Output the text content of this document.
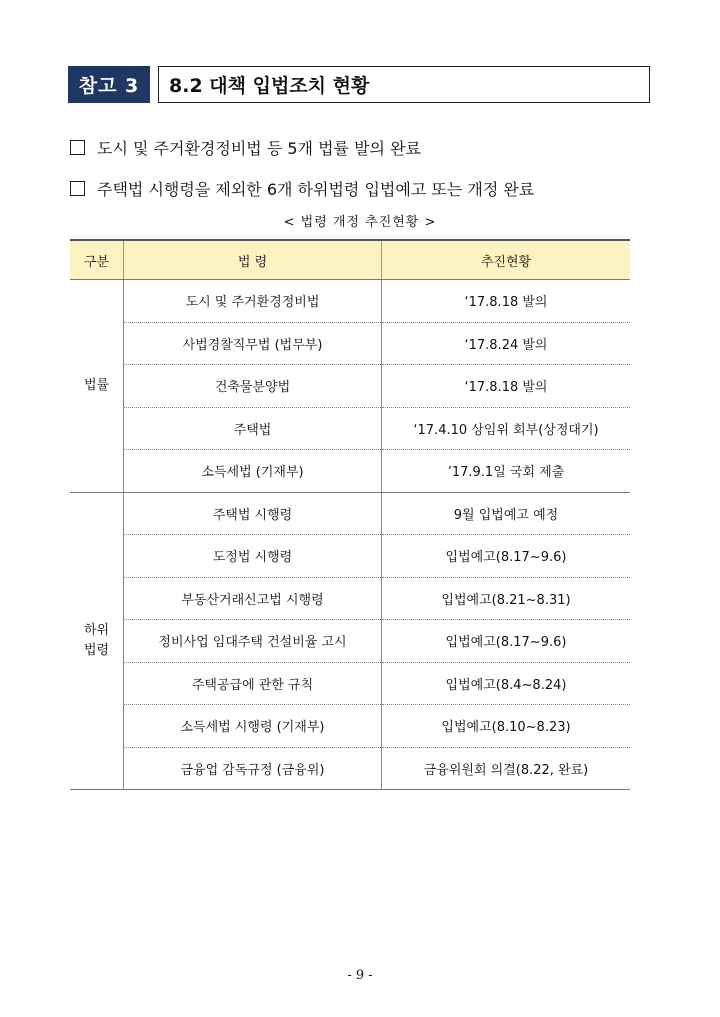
참고 3	8.2 대책 입법조치 현황
도시 및 주거환경정비법 등 5개 법률 발의 완료
주택법 시행령을 제외한 6개 하위법령 입법예고 또는 개정 완료
< 법령 개정 추진현황 >
구분	법 령	추진현황
법률	도시 및 주거환경정비법	‘17.8.18 발의
	사법경찰직무법 (법무부)	‘17.8.24 발의
	건축물분양법	‘17.8.18 발의
	주택법	‘17.4.10 상임위 회부(상정대기)
	소득세법 (기재부)	’17.9.1일 국회 제출
하위
법령	주택법 시행령	9월 입법예고 예정
	도정법 시행령	입법예고(8.17~9.6)
	부동산거래신고법 시행령	입법예고(8.21~8.31)
	정비사업 임대주택 건설비율 고시	입법예고(8.17~9.6)
	주택공급에 관한 규칙	입법예고(8.4~8.24)
	소득세법 시행령 (기재부)	입법예고(8.10~8.23)
	금융업 감독규정 (금융위)	금융위원회 의결(8.22, 완료)
- 9 -
